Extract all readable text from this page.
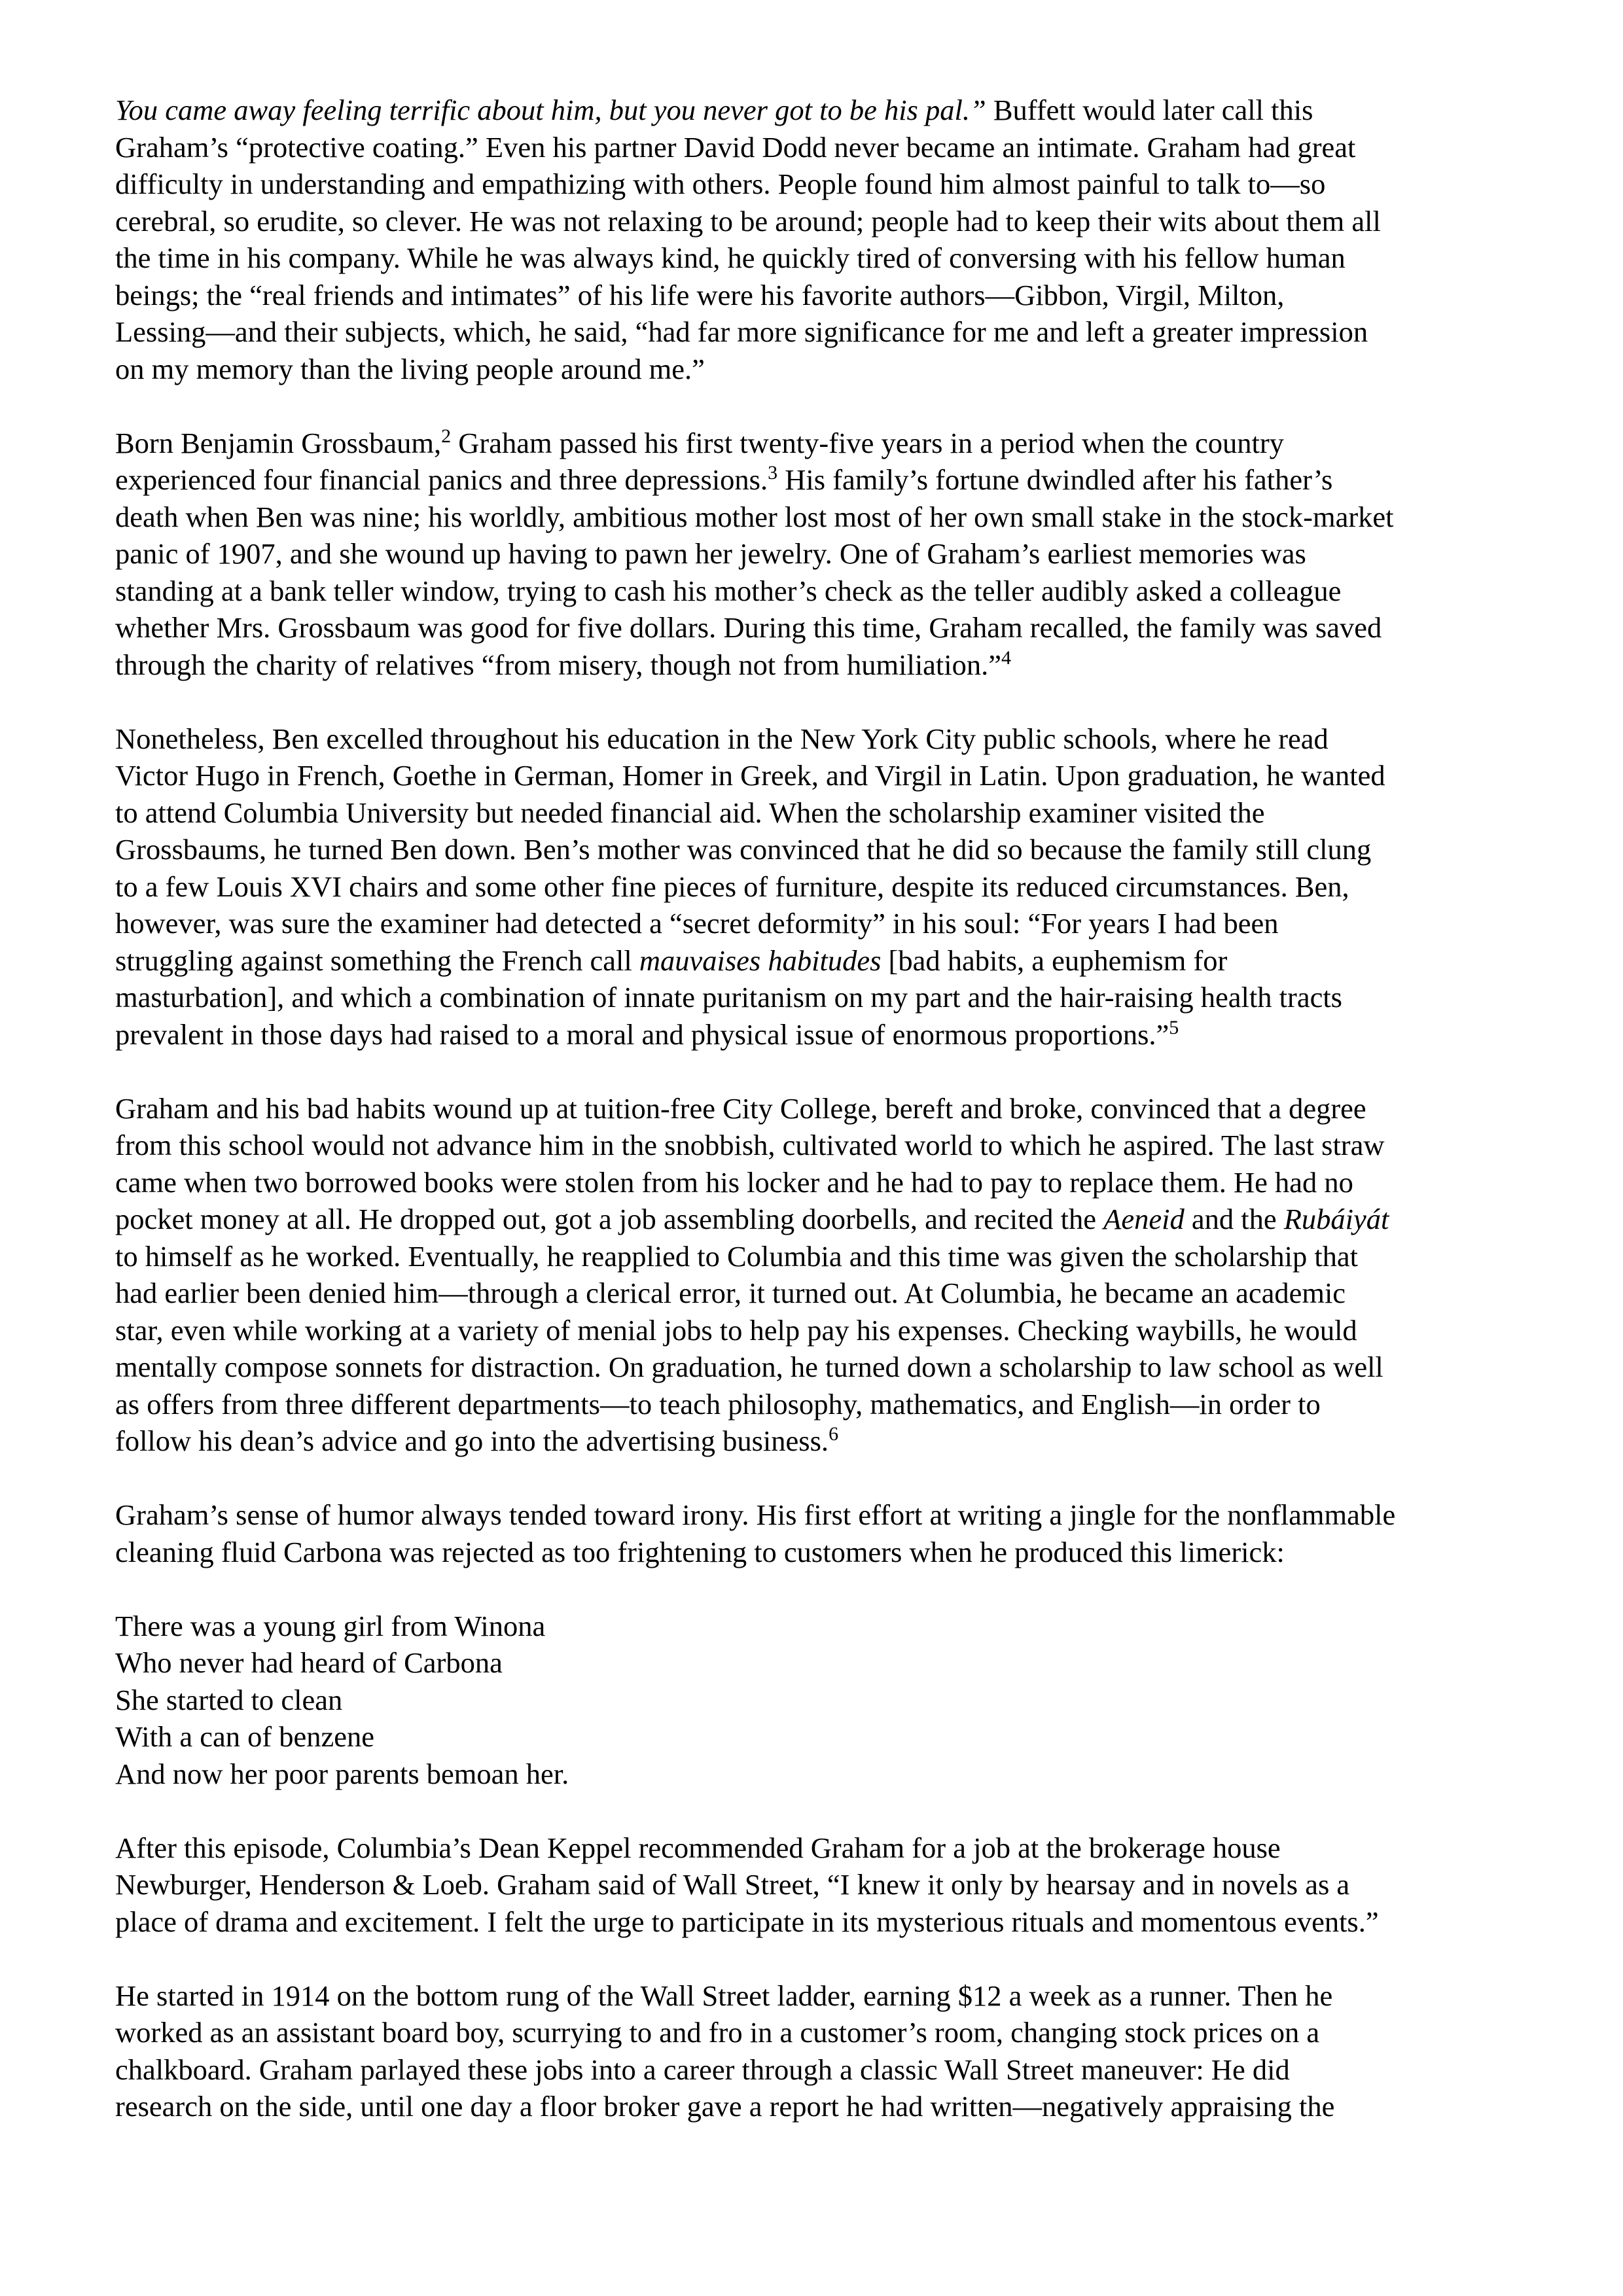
You came away feeling terrific about him, but you never got to be his pal.” Buffett would later call this
Graham’s “protective coating.” Even his partner David Dodd never became an intimate. Graham had great
difficulty in understanding and empathizing with others. People found him almost painful to talk to—so
cerebral, so erudite, so clever. He was not relaxing to be around; people had to keep their wits about them all
the time in his company. While he was always kind, he quickly tired of conversing with his fellow human
beings; the “real friends and intimates” of his life were his favorite authors—Gibbon, Virgil, Milton,
Lessing—and their subjects, which, he said, “had far more significance for me and left a greater impression
on my memory than the living people around me.”

Born Benjamin Grossbaum,$^2$ Graham passed his first twenty-five years in a period when the country
experienced four financial panics and three depressions.$^3$ His family’s fortune dwindled after his father’s
death when Ben was nine; his worldly, ambitious mother lost most of her own small stake in the stock-market
panic of 1907, and she wound up having to pawn her jewelry. One of Graham’s earliest memories was
standing at a bank teller window, trying to cash his mother’s check as the teller audibly asked a colleague
whether Mrs. Grossbaum was good for five dollars. During this time, Graham recalled, the family was saved
through the charity of relatives “from misery, though not from humiliation.”$^4$

Nonetheless, Ben excelled throughout his education in the New York City public schools, where he read
Victor Hugo in French, Goethe in German, Homer in Greek, and Virgil in Latin. Upon graduation, he wanted
to attend Columbia University but needed financial aid. When the scholarship examiner visited the
Grossbaums, he turned Ben down. Ben’s mother was convinced that he did so because the family still clung
to a few Louis XVI chairs and some other fine pieces of furniture, despite its reduced circumstances. Ben,
however, was sure the examiner had detected a “secret deformity” in his soul: “For years I had been
struggling against something the French call mauvaises habitudes [bad habits, a euphemism for
masturbation], and which a combination of innate puritanism on my part and the hair-raising health tracts
prevalent in those days had raised to a moral and physical issue of enormous proportions.”$^5$

Graham and his bad habits wound up at tuition-free City College, bereft and broke, convinced that a degree
from this school would not advance him in the snobbish, cultivated world to which he aspired. The last straw
came when two borrowed books were stolen from his locker and he had to pay to replace them. He had no
pocket money at all. He dropped out, got a job assembling doorbells, and recited the Aeneid and the Rubáiyát
to himself as he worked. Eventually, he reapplied to Columbia and this time was given the scholarship that
had earlier been denied him—through a clerical error, it turned out. At Columbia, he became an academic
star, even while working at a variety of menial jobs to help pay his expenses. Checking waybills, he would
mentally compose sonnets for distraction. On graduation, he turned down a scholarship to law school as well
as offers from three different departments—to teach philosophy, mathematics, and English—in order to
follow his dean’s advice and go into the advertising business.$^6$

Graham’s sense of humor always tended toward irony. His first effort at writing a jingle for the nonflammable
cleaning fluid Carbona was rejected as too frightening to customers when he produced this limerick:

There was a young girl from Winona
Who never had heard of Carbona
She started to clean
With a can of benzene
And now her poor parents bemoan her.

After this episode, Columbia’s Dean Keppel recommended Graham for a job at the brokerage house
Newburger, Henderson & Loeb. Graham said of Wall Street, “I knew it only by hearsay and in novels as a
place of drama and excitement. I felt the urge to participate in its mysterious rituals and momentous events.”

He started in 1914 on the bottom rung of the Wall Street ladder, earning $12 a week as a runner. Then he
worked as an assistant board boy, scurrying to and fro in a customer’s room, changing stock prices on a
chalkboard. Graham parlayed these jobs into a career through a classic Wall Street maneuver: He did
research on the side, until one day a floor broker gave a report he had written—negatively appraising the
